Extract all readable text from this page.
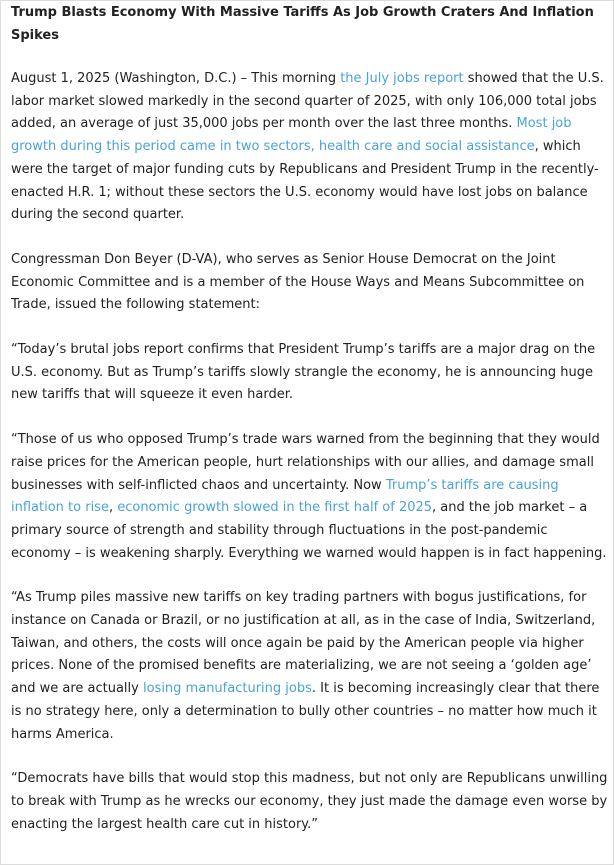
Trump Blasts Economy With Massive Tariffs As Job Growth Craters And Inflation Spikes

August 1, 2025 (Washington, D.C.) – This morning the July jobs report showed that the U.S. labor market slowed markedly in the second quarter of 2025, with only 106,000 total jobs added, an average of just 35,000 jobs per month over the last three months. Most job growth during this period came in two sectors, health care and social assistance, which were the target of major funding cuts by Republicans and President Trump in the recently-enacted H.R. 1; without these sectors the U.S. economy would have lost jobs on balance during the second quarter.

Congressman Don Beyer (D-VA), who serves as Senior House Democrat on the Joint Economic Committee and is a member of the House Ways and Means Subcommittee on Trade, issued the following statement:

“Today’s brutal jobs report confirms that President Trump’s tariffs are a major drag on the U.S. economy. But as Trump’s tariffs slowly strangle the economy, he is announcing huge new tariffs that will squeeze it even harder.

“Those of us who opposed Trump’s trade wars warned from the beginning that they would raise prices for the American people, hurt relationships with our allies, and damage small businesses with self-inflicted chaos and uncertainty. Now Trump’s tariffs are causing inflation to rise, economic growth slowed in the first half of 2025, and the job market – a primary source of strength and stability through fluctuations in the post-pandemic economy – is weakening sharply. Everything we warned would happen is in fact happening.

“As Trump piles massive new tariffs on key trading partners with bogus justifications, for instance on Canada or Brazil, or no justification at all, as in the case of India, Switzerland, Taiwan, and others, the costs will once again be paid by the American people via higher prices. None of the promised benefits are materializing, we are not seeing a ‘golden age’ and we are actually losing manufacturing jobs. It is becoming increasingly clear that there is no strategy here, only a determination to bully other countries – no matter how much it harms America.

“Democrats have bills that would stop this madness, but not only are Republicans unwilling to break with Trump as he wrecks our economy, they just made the damage even worse by enacting the largest health care cut in history.”
